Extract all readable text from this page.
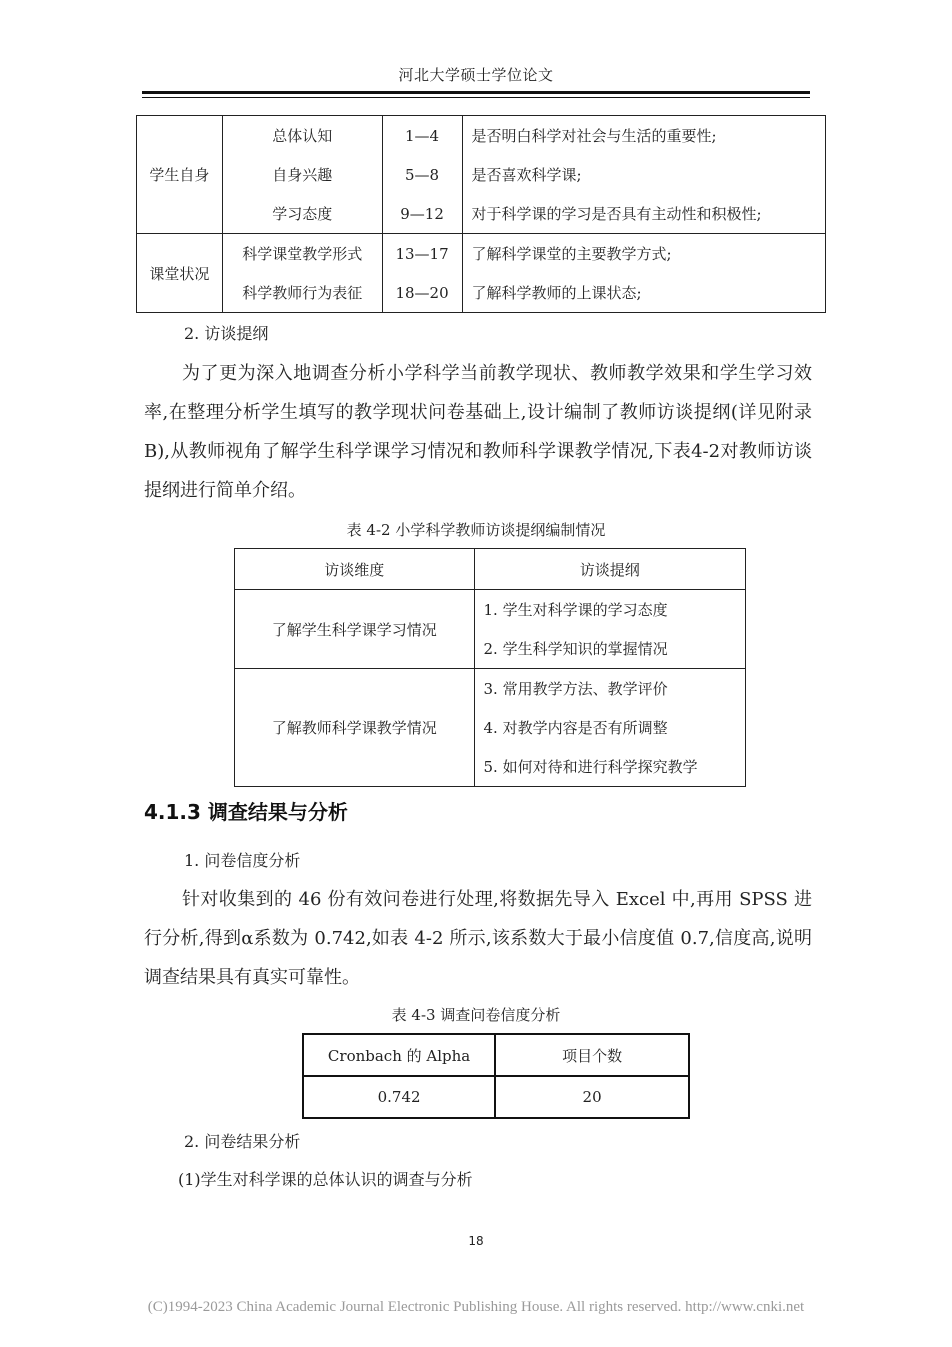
河北大学硕士学位论文
学生自身	总体认知	1—4	是否明白科学对社会与生活的重要性;
	自身兴趣	5—8	是否喜欢科学课;
	学习态度	9—12	对于科学课的学习是否具有主动性和积极性;
课堂状况	科学课堂教学形式	13—17	了解科学课堂的主要教学方式;
	科学教师行为表征	18—20	了解科学教师的上课状态;
2. 访谈提纲

为了更为深入地调查分析小学科学当前教学现状、教师教学效果和学生学习效率,在整理分析学生填写的教学现状问卷基础上,设计编制了教师访谈提纲(详见附录B),从教师视角了解学生科学课学习情况和教师科学课教学情况,下表4-2对教师访谈提纲进行简单介绍。

表 4-2 小学科学教师访谈提纲编制情况
访谈维度	访谈提纲
了解学生科学课学习情况	1. 学生对科学课的学习态度
	2. 学生科学知识的掌握情况
了解教师科学课教学情况	3. 常用教学方法、教学评价
	4. 对教学内容是否有所调整
	5. 如何对待和进行科学探究教学
4.1.3 调查结果与分析
1. 问卷信度分析

针对收集到的 46 份有效问卷进行处理,将数据先导入 Excel 中,再用 SPSS 进行分析,得到α系数为 0.742,如表 4-2 所示,该系数大于最小信度值 0.7,信度高,说明调查结果具有真实可靠性。

表 4-3 调查问卷信度分析
Cronbach 的 Alpha	项目个数
0.742	20
2. 问卷结果分析
(1)学生对科学课的总体认识的调查与分析
18
(C)1994-2023 China Academic Journal Electronic Publishing House. All rights reserved. http://www.cnki.net
